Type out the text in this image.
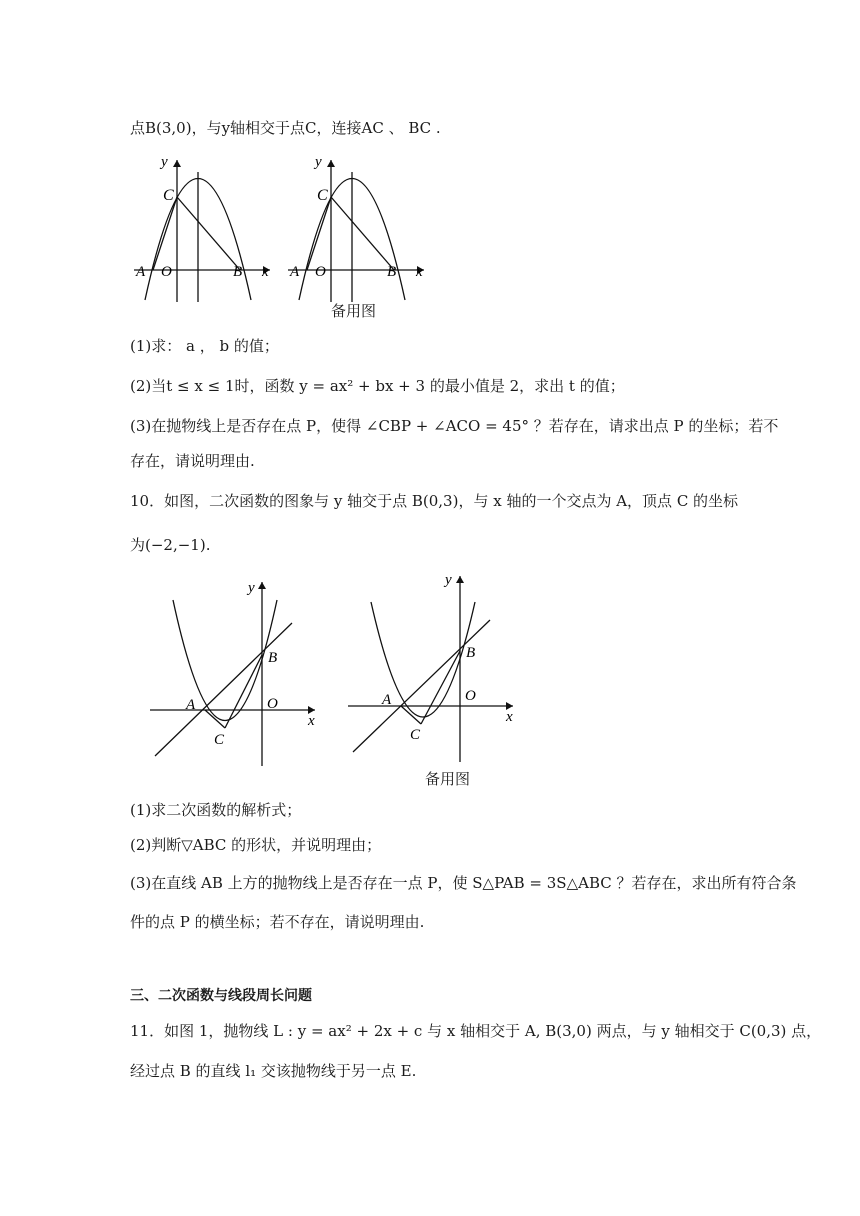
点B(3,0)，与y轴相交于点C，连接AC 、 BC .
y
x
C
A O	B
y
x
C
A O	B
备用图
(1)求： a ， b 的值；
(2)当t ≤ x ≤ 1时，函数 y = ax² + bx + 3 的最小值是 2，求出 t 的值；
(3)在抛物线上是否存在点 P，使得 ∠CBP + ∠ACO = 45° ？若存在，请求出点 P 的坐标；若不
存在，请说明理由.
10．如图，二次函数的图象与 y 轴交于点 B(0,3)，与 x 轴的一个交点为 A，顶点 C 的坐标
为(−2,−1).
y
x
A	O
B
C
y
x
A	O
B
C
备用图
(1)求二次函数的解析式；
(2)判断▽ABC 的形状，并说明理由；
(3)在直线 AB 上方的抛物线上是否存在一点 P，使 S△PAB = 3S△ABC ？若存在，求出所有符合条
件的点 P 的横坐标；若不存在，请说明理由.
三、二次函数与线段周长问题
11．如图 1，抛物线 L : y = ax² + 2x + c 与 x 轴相交于 A, B(3,0) 两点，与 y 轴相交于 C(0,3) 点，
经过点 B 的直线 l₁ 交该抛物线于另一点 E.
